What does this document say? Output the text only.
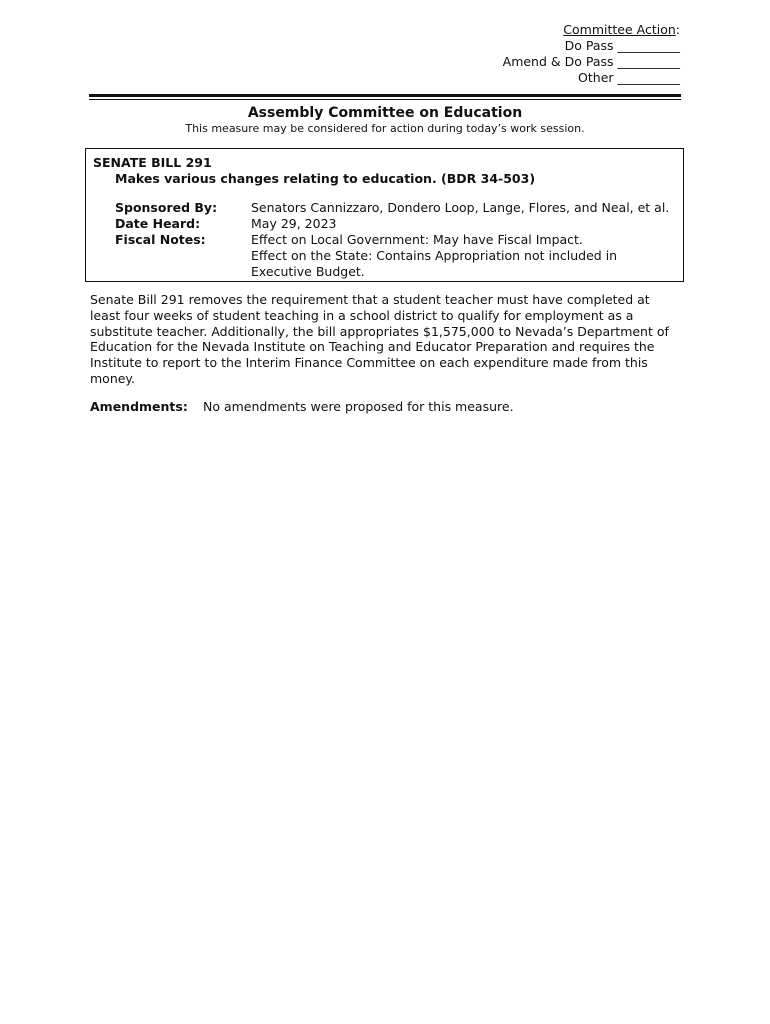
Committee Action:
Do Pass __________
Amend & Do Pass __________
Other __________
Assembly Committee on Education
This measure may be considered for action during today’s work session.
SENATE BILL 291
Makes various changes relating to education. (BDR 34-503)
Sponsored By:	Senators Cannizzaro, Dondero Loop, Lange, Flores, and Neal, et al.
Date Heard:	May 29, 2023
Fiscal Notes:	Effect on Local Government: May have Fiscal Impact.
Effect on the State: Contains Appropriation not included in
Executive Budget.
Senate Bill 291 removes the requirement that a student teacher must have completed at
least four weeks of student teaching in a school district to qualify for employment as a
substitute teacher. Additionally, the bill appropriates $1,575,000 to Nevada’s Department of
Education for the Nevada Institute on Teaching and Educator Preparation and requires the
Institute to report to the Interim Finance Committee on each expenditure made from this
money.
Amendments: No amendments were proposed for this measure.
